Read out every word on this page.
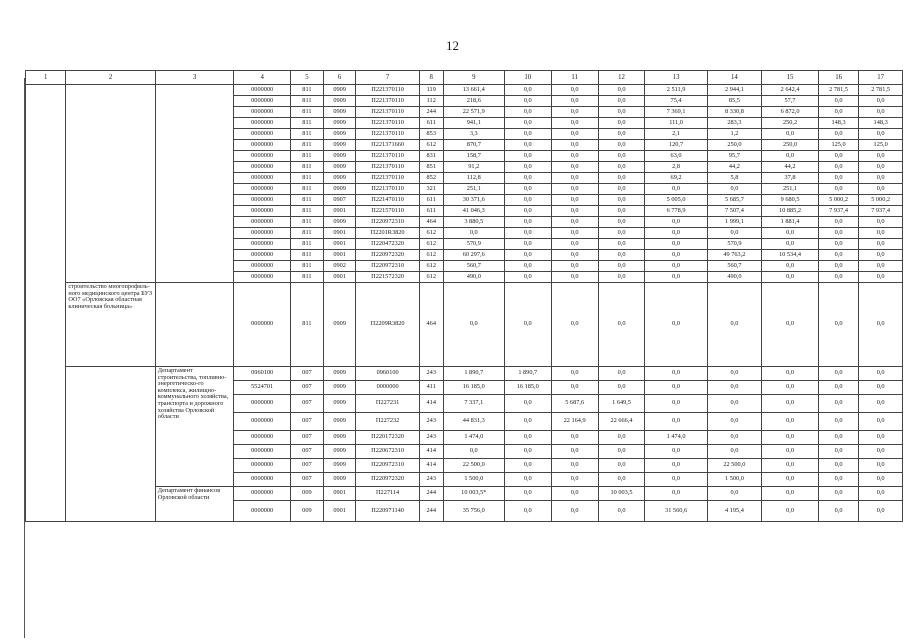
12
1	2	3	4	5	6	7	8	9	10	11	12	13	14	15	16	17
			0000000	811	0909	П221370110	119	13 661,4	0,0	0,0	0,0	2 511,9	2 944,1	2 642,4	2 781,5	2 781,5
			0000000	811	0909	П221370110	112	218,6	0,0	0,0	0,0	75,4	85,5	57,7	0,0	0,0
			0000000	811	0909	П221370110	244	22 571,9	0,0	0,0	0,0	7 369,1	8 330,8	6 872,0	0,0	0,0
			0000000	811	0909	П221370110	611	941,1	0,0	0,0	0,0	111,0	283,3	250,2	148,3	148,3
			0000000	811	0909	П221370110	853	3,3	0,0	0,0	0,0	2,1	1,2	0,0	0,0	0,0
			0000000	811	0909	П221371660	612	870,7	0,0	0,0	0,0	120,7	250,0	250,0	125,0	125,0
			0000000	811	0909	П221370110	831	158,7	0,0	0,0	0,0	63,0	95,7	0,0	0,0	0,0
			0000000	811	0909	П221370110	851	91,2	0,0	0,0	0,0	2,8	44,2	44,2	0,0	0,0
			0000000	811	0909	П221370110	852	112,8	0,0	0,0	0,0	69,2	5,8	37,8	0,0	0,0
			0000000	811	0909	П221370110	321	251,1	0,0	0,0	0,0	0,0	0,0	251,1	0,0	0,0
			0000000	811	0907	П221470110	611	30 371,6	0,0	0,0	0,0	5 005,0	5 685,7	9 680,5	5 000,2	5 000,2
			0000000	811	0901	П221570110	611	41 046,3	0,0	0,0	0,0	6 778,9	7 507,4	10 885,2	7 937,4	7 937,4
			0000000	811	0909	П220972310	464	3 880,5	0,0	0,0	0,0	0,0	1 999,1	1 881,4	0,0	0,0
			0000000	811	0901	П2201R3820	612	0,0	0,0	0,0	0,0	0,0	0,0	0,0	0,0	0,0
			0000000	811	0901	П220472320	612	570,9	0,0	0,0	0,0	0,0	570,9	0,0	0,0	0,0
			0000000	811	0901	П220972320	612	60 297,6	0,0	0,0	0,0	0,0	49 763,2	10 534,4	0,0	0,0
			0000000	811	0902	П220972310	612	560,7	0,0	0,0	0,0	0,0	560,7	0,0	0,0	0,0
			0000000	811	0901	П221572320	612	490,0	0,0	0,0	0,0	0,0	490,0	0,0	0,0	0,0
	строительство многопрофиль-ного медицинского центра БУЗ ОО7 «Орловская областная клиническая больница»		0000000	811	0909	П2209R3820	464	0,0	0,0	0,0	0,0	0,0	0,0	0,0	0,0	0,0
		Департамент строительства, топливно-энергетическо-го комплекса, жилищно-коммунального хозяйства, транспорта и дорожного хозяйства Орловской области	0960100	007	0909	0960100	243	1 890,7	1 890,7	0,0	0,0	0,0	0,0	0,0	0,0	0,0
			5524701	007	0909	0000000	411	16 185,0	16 185,0	0,0	0,0	0,0	0,0	0,0	0,0	0,0
			0000000	007	0909	П227231	414	7 337,1	0,0	5 687,6	1 649,5	0,0	0,0	0,0	0,0	0,0
			0000000	007	0909	П227232	243	44 831,3	0,0	22 164,9	22 666,4	0,0	0,0	0,0	0,0	0,0
			0000000	007	0909	П220172320	243	1 474,0	0,0	0,0	0,0	1 474,0	0,0	0,0	0,0	0,0
			0000000	007	0909	П220672310	414	0,0	0,0	0,0	0,0	0,0	0,0	0,0	0,0	0,0
			0000000	007	0909	П220972310	414	22 500,0	0,0	0,0	0,0	0,0	22 500,0	0,0	0,0	0,0
			0000000	007	0909	П220972320	243	1 500,0	0,0	0,0	0,0	0,0	1 500,0	0,0	0,0	0,0
		Департамент финансов Орловской области	0000000	009	0901	П227114	244	10 003,5*	0,0	0,0	10 003,5	0,0	0,0	0,0	0,0	0,0
			0000000	009	0901	П220971140	244	35 756,0	0,0	0,0	0,0	31 560,6	4 195,4	0,0	0,0	0,0
